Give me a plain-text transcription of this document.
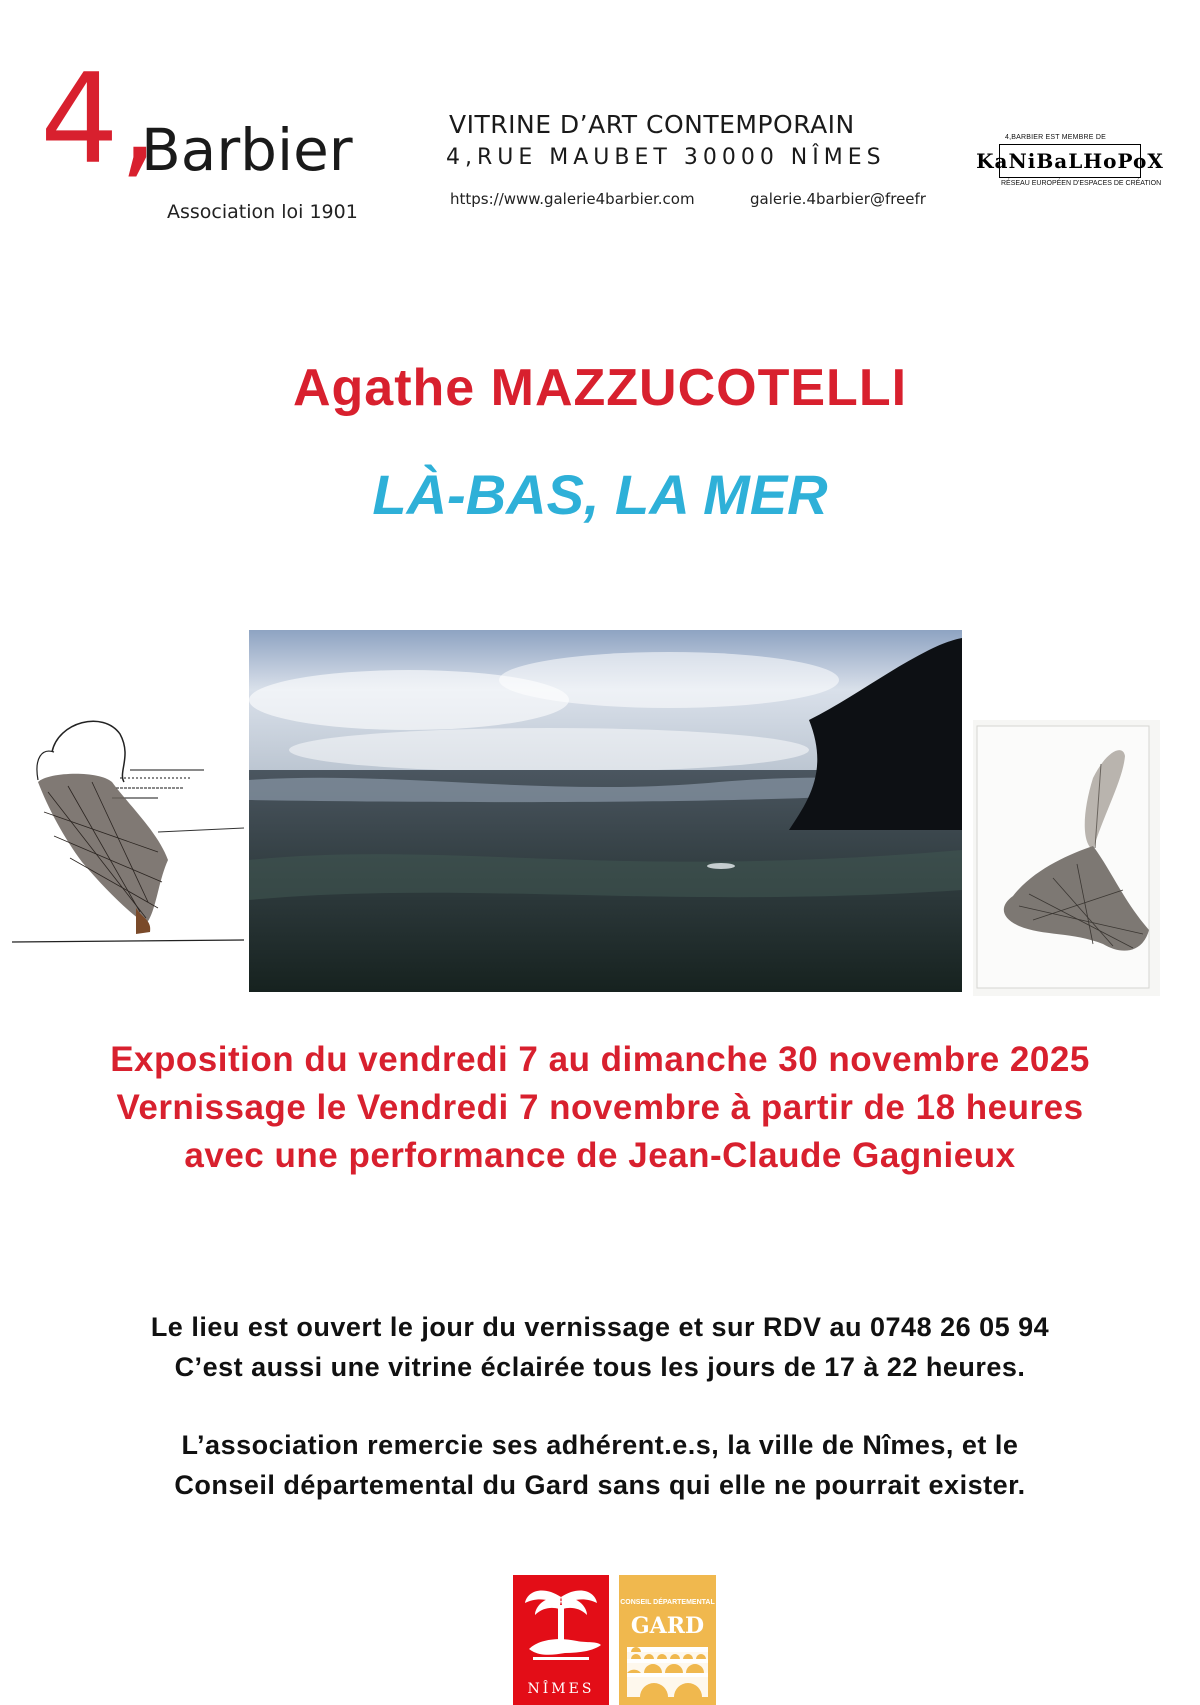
4,
Barbier
Association loi 1901
VITRINE D’ART CONTEMPORAIN
4,RUE MAUBET 30000 NÎMES
https://www.galerie4barbier.com	galerie.4barbier@freefr
4,BARBIER EST MEMBRE DE
KaNiBaLHoPoX
RÉSEAU EUROPÉEN D'ESPACES DE CRÉATION
Agathe MAZZUCOTELLI
LÀ-BAS, LA MER
Exposition du vendredi 7 au dimanche 30 novembre 2025
Vernissage le Vendredi 7 novembre à partir de 18 heures
avec une performance de Jean-Claude Gagnieux
Le lieu est ouvert le jour du vernissage et sur RDV au 0748 26 05 94
C’est aussi une vitrine éclairée tous les jours de 17 à 22 heures.
L’association remercie ses adhérent.e.s, la ville de Nîmes, et le
Conseil départemental du Gard sans qui elle ne pourrait exister.
NÎMES
CONSEIL DÉPARTEMENTAL
GARD
